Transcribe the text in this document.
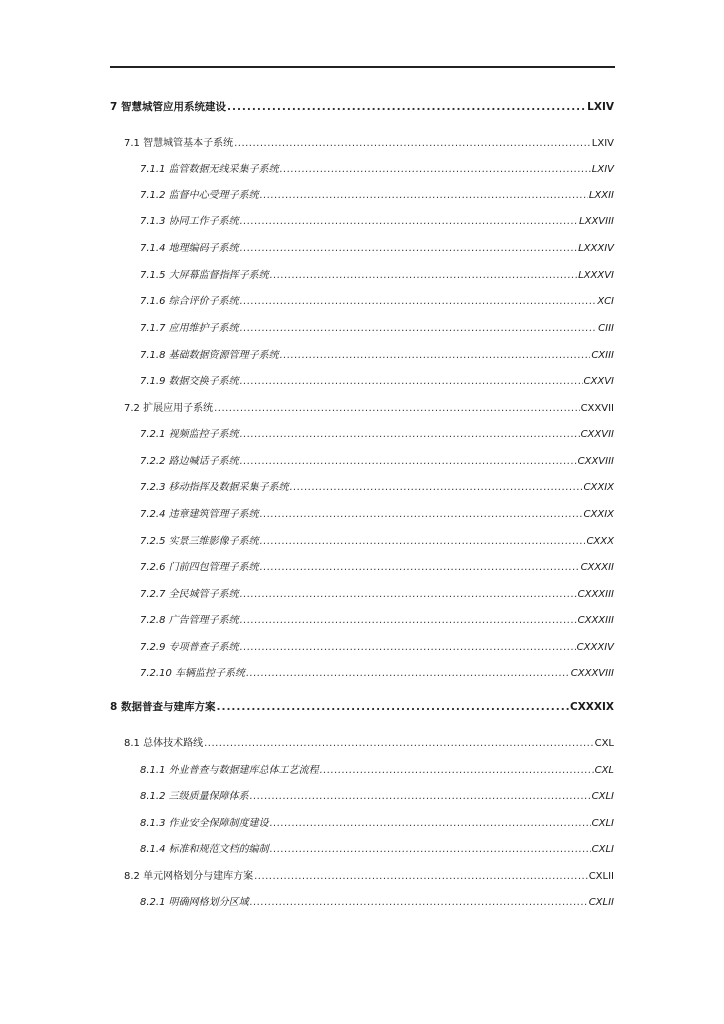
7 智慧城管应用系统建设 .....	LXIV
7.1 智慧城管基本子系统 .....	LXIV
7.1.1 监管数据无线采集子系统 .....	LXIV
7.1.2 监督中心受理子系统 .....	LXXII
7.1.3 协同工作子系统 .....	LXXVIII
7.1.4 地理编码子系统 .....	LXXXIV
7.1.5 大屏幕监督指挥子系统 .....	LXXXVI
7.1.6 综合评价子系统 .....	XCI
7.1.7 应用维护子系统 .....	CIII
7.1.8 基础数据资源管理子系统 .....	CXIII
7.1.9 数据交换子系统 .....	CXXVI
7.2 扩展应用子系统 .....	CXXVII
7.2.1 视频监控子系统 .....	CXXVII
7.2.2 路边喊话子系统 .....	CXXVIII
7.2.3 移动指挥及数据采集子系统 .....	CXXIX
7.2.4 违章建筑管理子系统 .....	CXXIX
7.2.5 实景三维影像子系统 .....	CXXX
7.2.6 门前四包管理子系统 .....	CXXXII
7.2.7 全民城管子系统 .....	CXXXIII
7.2.8 广告管理子系统 .....	CXXXIII
7.2.9 专项普查子系统 .....	CXXXIV
7.2.10 车辆监控子系统 .....	CXXXVIII
8 数据普查与建库方案 .....	CXXXIX
8.1 总体技术路线 .....	CXL
8.1.1 外业普查与数据建库总体工艺流程 .....	CXL
8.1.2 三级质量保障体系 .....	CXLI
8.1.3 作业安全保障制度建设 .....	CXLI
8.1.4 标准和规范文档的编制 .....	CXLI
8.2 单元网格划分与建库方案 .....	CXLII
8.2.1 明确网格划分区域 .....	CXLII
